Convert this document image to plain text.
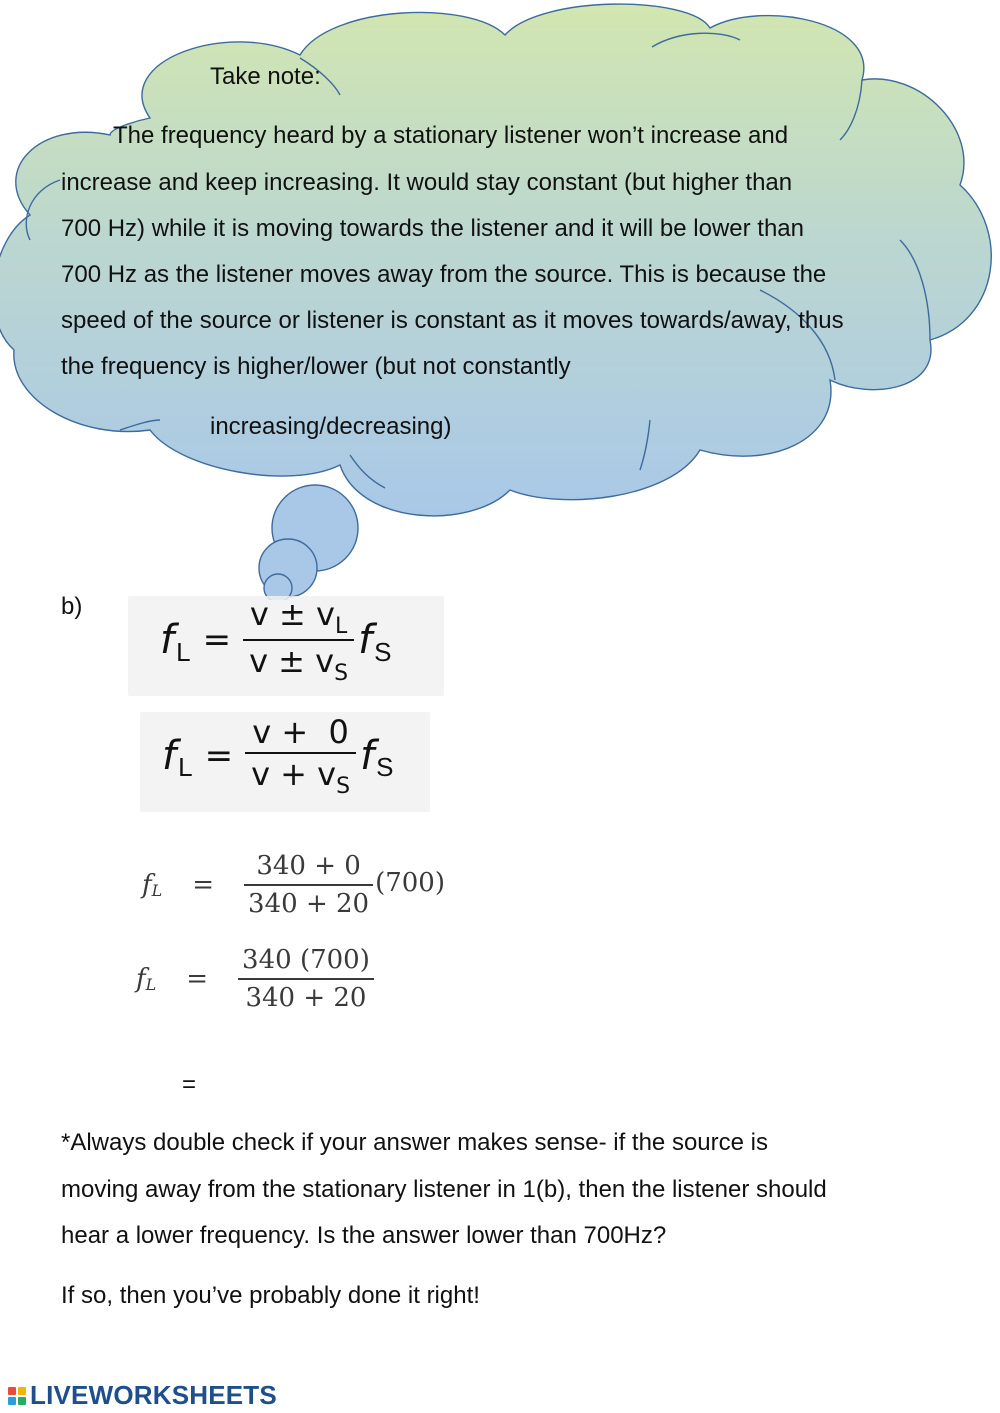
Take note:
The frequency heard by a stationary listener won’t increase and
increase and keep increasing. It would stay constant (but higher than
700 Hz) while it is moving towards the listener and it will be lower than
700 Hz as the listener moves away from the source. This is because the
speed of the source or listener is constant as it moves towards/away, thus
the frequency is higher/lower (but not constantly
increasing/decreasing)
b)
f $L = \frac{v \pm v_L}{v \pm v_S}$ f S
f $L = \frac{v + 0}{v + v_S}$ f S
f $L = \frac{340 + 0}{340 + 20} (700)$
f $L = \frac{340 (700)}{340 + 20}$
=
*Always double check if your answer makes sense- if the source is
moving away from the stationary listener in 1(b), then the listener should
hear a lower frequency. Is the answer lower than 700Hz?
If so, then you’ve probably done it right!
LIVEWORKSHEETS
